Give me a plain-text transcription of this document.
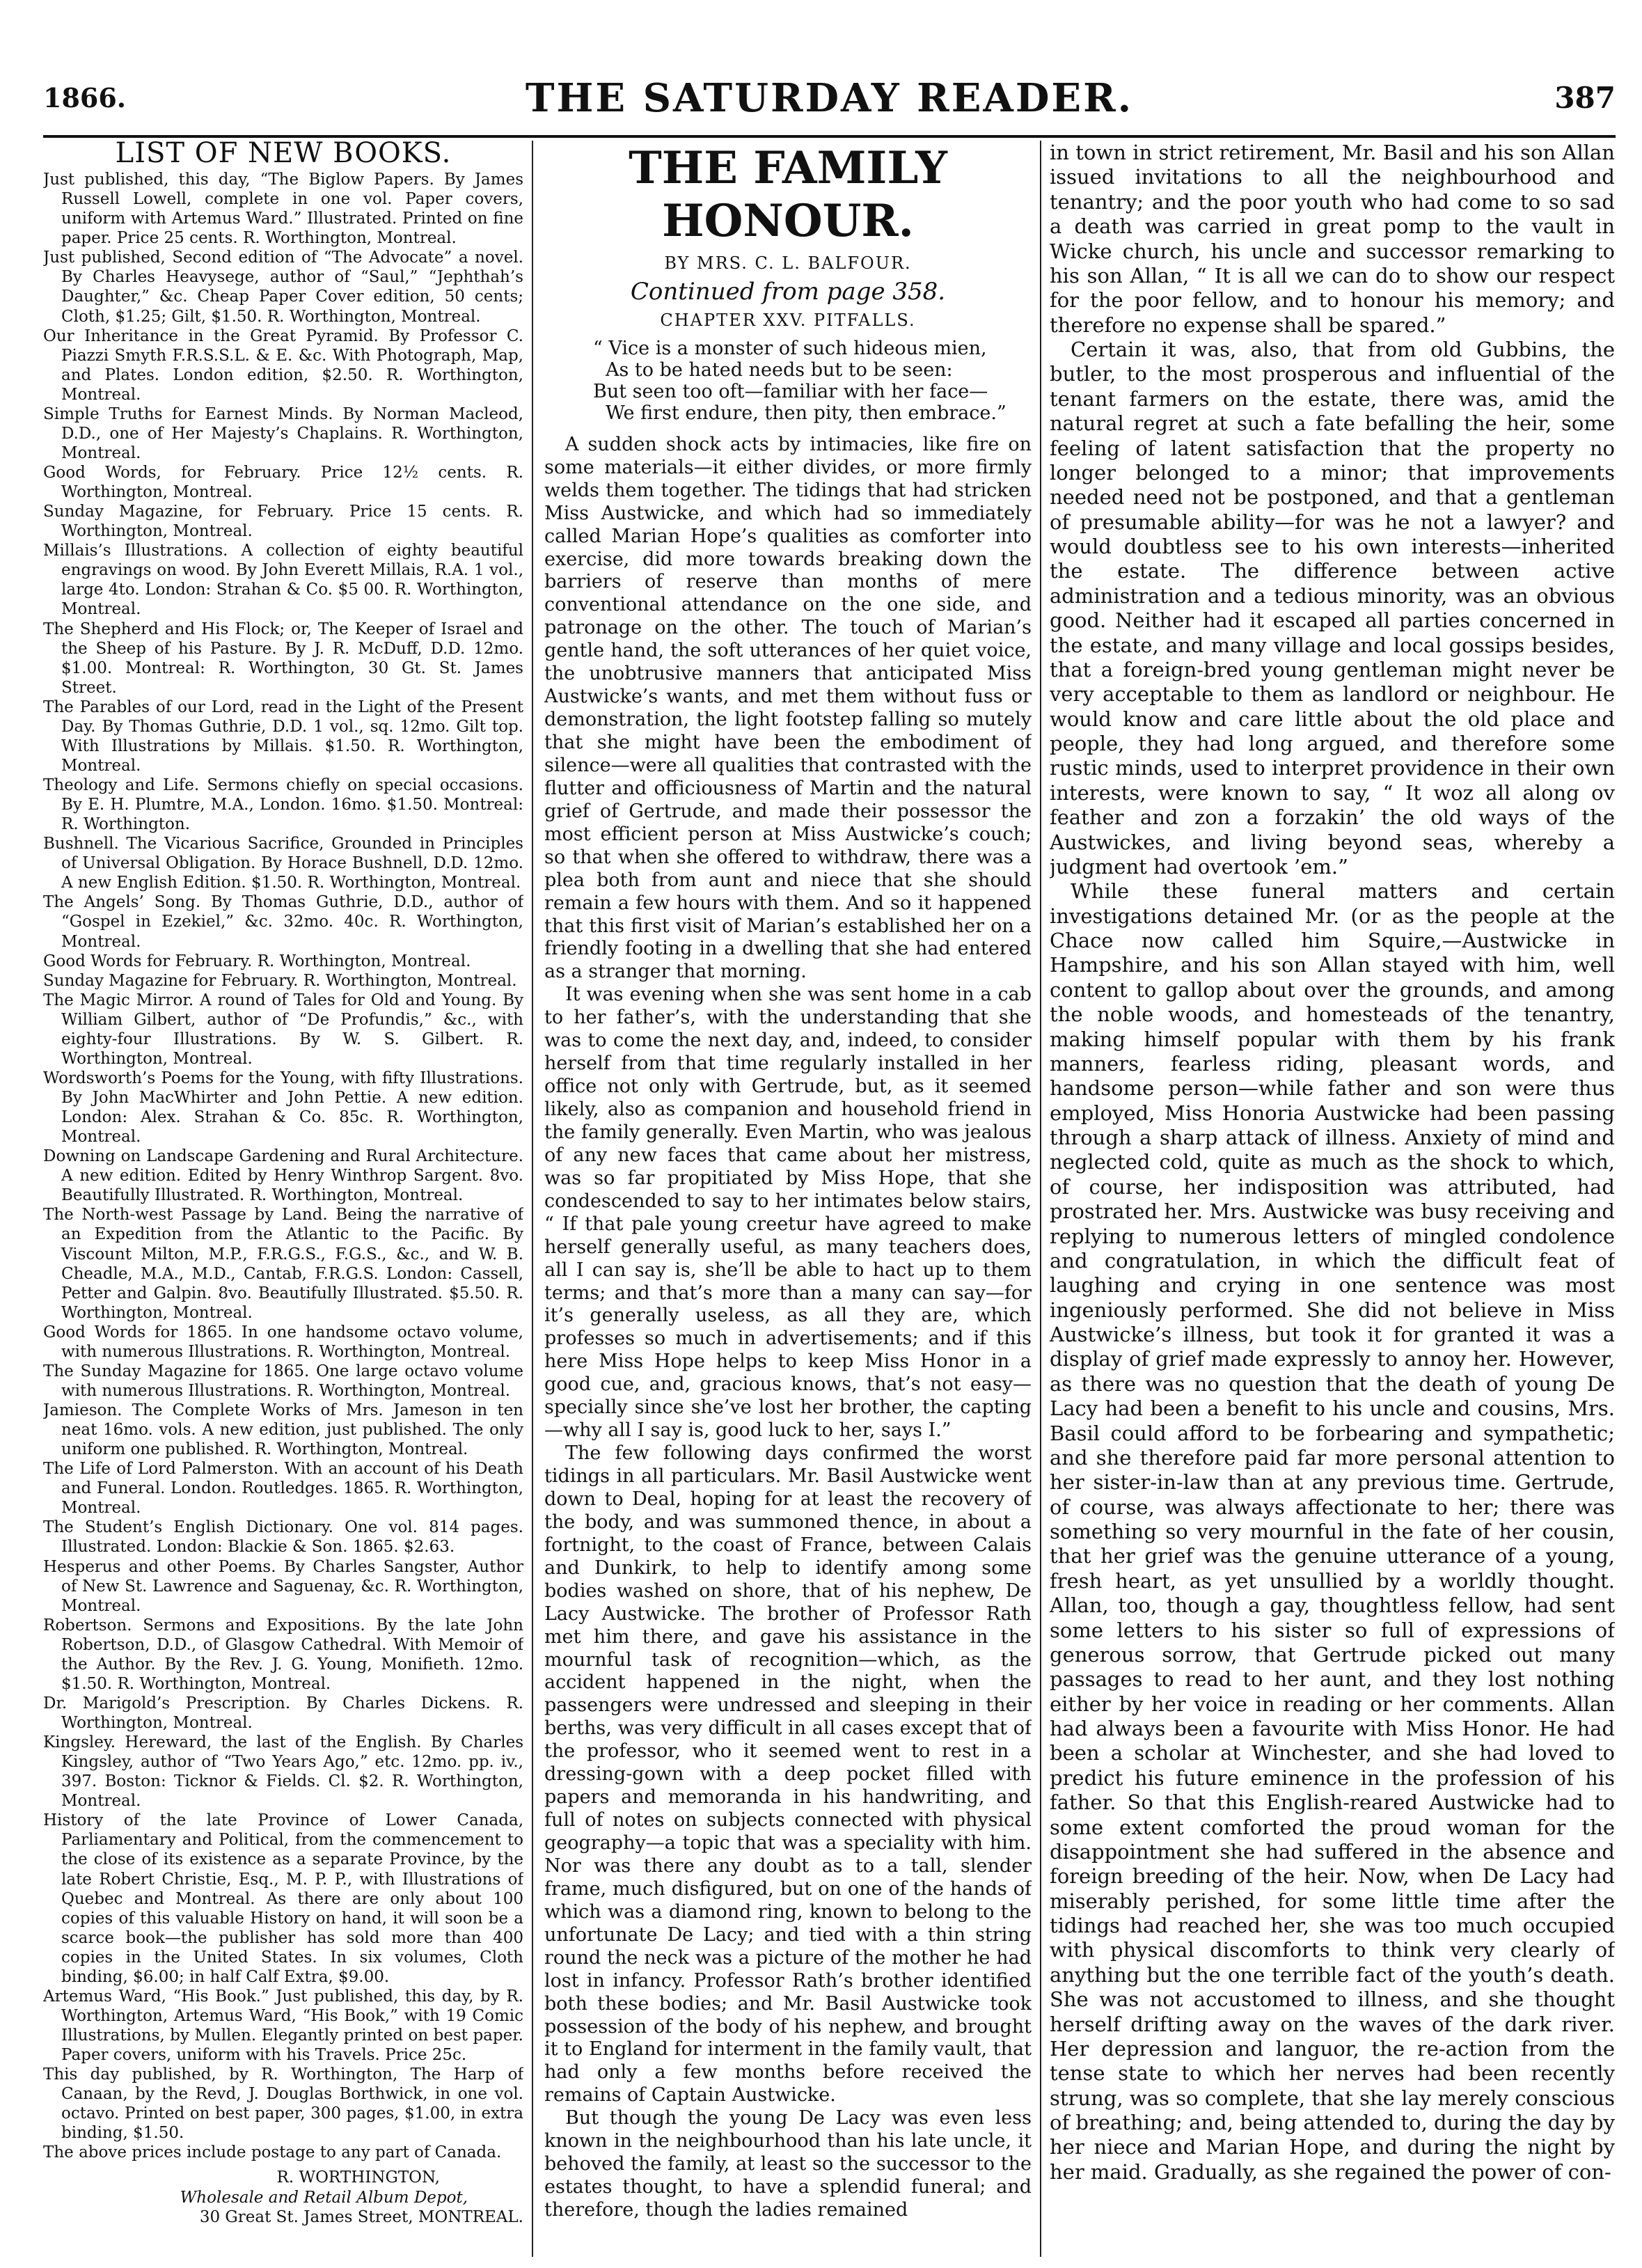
1866.	THE SATURDAY READER.	387
LIST OF NEW BOOKS.

Just published, this day, “The Biglow Papers. By James Russell Lowell, complete in one vol. Paper covers, uniform with Artemus Ward.” Illustrated. Printed on fine paper. Price 25 cents. R. Worthington, Montreal.

Just published, Second edition of “The Advocate” a novel. By Charles Heavysege, author of “Saul,” “Jephthah’s Daughter,” &c. Cheap Paper Cover edition, 50 cents; Cloth, $1.25; Gilt, $1.50. R. Worthington, Montreal.

Our Inheritance in the Great Pyramid. By Professor C. Piazzi Smyth F.R.S.S.L. & E. &c. With Photograph, Map, and Plates. London edition, $2.50. R. Worthington, Montreal.

Simple Truths for Earnest Minds. By Norman Macleod, D.D., one of Her Majesty’s Chaplains. R. Worthington, Montreal.

Good Words, for February. Price 12½ cents. R. Worthington, Montreal.

Sunday Magazine, for February. Price 15 cents. R. Worthington, Montreal.

Millais’s Illustrations. A collection of eighty beautiful engravings on wood. By John Everett Millais, R.A. 1 vol., large 4to. London: Strahan & Co. $5 00. R. Worthington, Montreal.

The Shepherd and His Flock; or, The Keeper of Israel and the Sheep of his Pasture. By J. R. McDuff, D.D. 12mo. $1.00. Montreal: R. Worthington, 30 Gt. St. James Street.

The Parables of our Lord, read in the Light of the Present Day. By Thomas Guthrie, D.D. 1 vol., sq. 12mo. Gilt top. With Illustrations by Millais. $1.50. R. Worthington, Montreal.

Theology and Life. Sermons chiefly on special occasions. By E. H. Plumtre, M.A., London. 16mo. $1.50. Montreal: R. Worthington.

Bushnell. The Vicarious Sacrifice, Grounded in Principles of Universal Obligation. By Horace Bushnell, D.D. 12mo. A new English Edition. $1.50. R. Worthington, Montreal.

The Angels’ Song. By Thomas Guthrie, D.D., author of “Gospel in Ezekiel,” &c. 32mo. 40c. R. Worthington, Montreal.

Good Words for February. R. Worthington, Montreal.

Sunday Magazine for February. R. Worthington, Montreal.

The Magic Mirror. A round of Tales for Old and Young. By William Gilbert, author of “De Profundis,” &c., with eighty-four Illustrations. By W. S. Gilbert. R. Worthington, Montreal.

Wordsworth’s Poems for the Young, with fifty Illustrations. By John MacWhirter and John Pettie. A new edition. London: Alex. Strahan & Co. 85c. R. Worthington, Montreal.

Downing on Landscape Gardening and Rural Architecture. A new edition. Edited by Henry Winthrop Sargent. 8vo. Beautifully Illustrated. R. Worthington, Montreal.

The North-west Passage by Land. Being the narrative of an Expedition from the Atlantic to the Pacific. By Viscount Milton, M.P., F.R.G.S., F.G.S., &c., and W. B. Cheadle, M.A., M.D., Cantab, F.R.G.S. London: Cassell, Petter and Galpin. 8vo. Beautifully Illustrated. $5.50. R. Worthington, Montreal.

Good Words for 1865. In one handsome octavo volume, with numerous Illustrations. R. Worthington, Montreal.

The Sunday Magazine for 1865. One large octavo volume with numerous Illustrations. R. Worthington, Montreal.

Jamieson. The Complete Works of Mrs. Jameson in ten neat 16mo. vols. A new edition, just published. The only uniform one published. R. Worthington, Montreal.

The Life of Lord Palmerston. With an account of his Death and Funeral. London. Routledges. 1865. R. Worthington, Montreal.

The Student’s English Dictionary. One vol. 814 pages. Illustrated. London: Blackie & Son. 1865. $2.63.

Hesperus and other Poems. By Charles Sangster, Author of New St. Lawrence and Saguenay, &c. R. Worthington, Montreal.

Robertson. Sermons and Expositions. By the late John Robertson, D.D., of Glasgow Cathedral. With Memoir of the Author. By the Rev. J. G. Young, Monifieth. 12mo. $1.50. R. Worthington, Montreal.

Dr. Marigold’s Prescription. By Charles Dickens. R. Worthington, Montreal.

Kingsley. Hereward, the last of the English. By Charles Kingsley, author of “Two Years Ago,” etc. 12mo. pp. iv., 397. Boston: Ticknor & Fields. Cl. $2. R. Worthington, Montreal.

History of the late Province of Lower Canada, Parliamentary and Political, from the commencement to the close of its existence as a separate Province, by the late Robert Christie, Esq., M. P. P., with Illustrations of Quebec and Montreal. As there are only about 100 copies of this valuable History on hand, it will soon be a scarce book—the publisher has sold more than 400 copies in the United States. In six volumes, Cloth binding, $6.00; in half Calf Extra, $9.00.

Artemus Ward, “His Book.” Just published, this day, by R. Worthington, Artemus Ward, “His Book,” with 19 Comic Illustrations, by Mullen. Elegantly printed on best paper. Paper covers, uniform with his Travels. Price 25c.

This day published, by R. Worthington, The Harp of Canaan, by the Revd, J. Douglas Borthwick, in one vol. octavo. Printed on best paper, 300 pages, $1.00, in extra binding, $1.50.

The above prices include postage to any part of Canada.

R. WORTHINGTON,
Wholesale and Retail Album Depot,
30 Great St. James Street, MONTREAL.
THE FAMILY HONOUR.
BY MRS. C. L. BALFOUR.
Continued from page 358.
CHAPTER XXV. PITFALLS.
“ Vice is a monster of such hideous mien,
As to be hated needs but to be seen:
But seen too oft—familiar with her face—
We first endure, then pity, then embrace.”

A sudden shock acts by intimacies, like fire on some materials—it either divides, or more firmly welds them together. The tidings that had stricken Miss Austwicke, and which had so immediately called Marian Hope’s qualities as comforter into exercise, did more towards breaking down the barriers of reserve than months of mere conventional attendance on the one side, and patronage on the other. The touch of Marian’s gentle hand, the soft utterances of her quiet voice, the unobtrusive manners that anticipated Miss Austwicke’s wants, and met them without fuss or demonstration, the light footstep falling so mutely that she might have been the embodiment of silence—were all qualities that contrasted with the flutter and officiousness of Martin and the natural grief of Gertrude, and made their possessor the most efficient person at Miss Austwicke’s couch; so that when she offered to withdraw, there was a plea both from aunt and niece that she should remain a few hours with them. And so it happened that this first visit of Marian’s established her on a friendly footing in a dwelling that she had entered as a stranger that morning.

It was evening when she was sent home in a cab to her father’s, with the understanding that she was to come the next day, and, indeed, to consider herself from that time regularly installed in her office not only with Gertrude, but, as it seemed likely, also as companion and household friend in the family generally. Even Martin, who was jealous of any new faces that came about her mistress, was so far propitiated by Miss Hope, that she condescended to say to her intimates below stairs, “ If that pale young creetur have agreed to make herself generally useful, as many teachers does, all I can say is, she’ll be able to hact up to them terms; and that’s more than a many can say—for it’s generally useless, as all they are, which professes so much in advertisements; and if this here Miss Hope helps to keep Miss Honor in a good cue, and, gracious knows, that’s not easy—specially since she’ve lost her brother, the capting—why all I say is, good luck to her, says I.”

The few following days confirmed the worst tidings in all particulars. Mr. Basil Austwicke went down to Deal, hoping for at least the recovery of the body, and was summoned thence, in about a fortnight, to the coast of France, between Calais and Dunkirk, to help to identify among some bodies washed on shore, that of his nephew, De Lacy Austwicke. The brother of Professor Rath met him there, and gave his assistance in the mournful task of recognition—which, as the accident happened in the night, when the passengers were undressed and sleeping in their berths, was very difficult in all cases except that of the professor, who it seemed went to rest in a dressing-gown with a deep pocket filled with papers and memoranda in his handwriting, and full of notes on subjects connected with physical geography—a topic that was a speciality with him. Nor was there any doubt as to a tall, slender frame, much disfigured, but on one of the hands of which was a diamond ring, known to belong to the unfortunate De Lacy; and tied with a thin string round the neck was a picture of the mother he had lost in infancy. Professor Rath’s brother identified both these bodies; and Mr. Basil Austwicke took possession of the body of his nephew, and brought it to England for interment in the family vault, that had only a few months before received the remains of Captain Austwicke.

But though the young De Lacy was even less known in the neighbourhood than his late uncle, it behoved the family, at least so the successor to the estates thought, to have a splendid funeral; and therefore, though the ladies remained

in town in strict retirement, Mr. Basil and his son Allan issued invitations to all the neighbourhood and tenantry; and the poor youth who had come to so sad a death was carried in great pomp to the vault in Wicke church, his uncle and successor remarking to his son Allan, “ It is all we can do to show our respect for the poor fellow, and to honour his memory; and therefore no expense shall be spared.”

Certain it was, also, that from old Gubbins, the butler, to the most prosperous and influential of the tenant farmers on the estate, there was, amid the natural regret at such a fate befalling the heir, some feeling of latent satisfaction that the property no longer belonged to a minor; that improvements needed need not be postponed, and that a gentleman of presumable ability—for was he not a lawyer? and would doubtless see to his own interests—inherited the estate. The difference between active administration and a tedious minority, was an obvious good. Neither had it escaped all parties concerned in the estate, and many village and local gossips besides, that a foreign-bred young gentleman might never be very acceptable to them as landlord or neighbour. He would know and care little about the old place and people, they had long argued, and therefore some rustic minds, used to interpret providence in their own interests, were known to say, “ It woz all along ov feather and zon a forzakin’ the old ways of the Austwickes, and living beyond seas, whereby a judgment had overtook ’em.”

While these funeral matters and certain investigations detained Mr. (or as the people at the Chace now called him Squire,—Austwicke in Hampshire, and his son Allan stayed with him, well content to gallop about over the grounds, and among the noble woods, and homesteads of the tenantry, making himself popular with them by his frank manners, fearless riding, pleasant words, and handsome person—while father and son were thus employed, Miss Honoria Austwicke had been passing through a sharp attack of illness. Anxiety of mind and neglected cold, quite as much as the shock to which, of course, her indisposition was attributed, had prostrated her. Mrs. Austwicke was busy receiving and replying to numerous letters of mingled condolence and congratulation, in which the difficult feat of laughing and crying in one sentence was most ingeniously performed. She did not believe in Miss Austwicke’s illness, but took it for granted it was a display of grief made expressly to annoy her. However, as there was no question that the death of young De Lacy had been a benefit to his uncle and cousins, Mrs. Basil could afford to be forbearing and sympathetic; and she therefore paid far more personal attention to her sister-in-law than at any previous time. Gertrude, of course, was always affectionate to her; there was something so very mournful in the fate of her cousin, that her grief was the genuine utterance of a young, fresh heart, as yet unsullied by a worldly thought. Allan, too, though a gay, thoughtless fellow, had sent some letters to his sister so full of expressions of generous sorrow, that Gertrude picked out many passages to read to her aunt, and they lost nothing either by her voice in reading or her comments. Allan had always been a favourite with Miss Honor. He had been a scholar at Winchester, and she had loved to predict his future eminence in the profession of his father. So that this English-reared Austwicke had to some extent comforted the proud woman for the disappointment she had suffered in the absence and foreign breeding of the heir. Now, when De Lacy had miserably perished, for some little time after the tidings had reached her, she was too much occupied with physical discomforts to think very clearly of anything but the one terrible fact of the youth’s death. She was not accustomed to illness, and she thought herself drifting away on the waves of the dark river. Her depression and languor, the re-action from the tense state to which her nerves had been recently strung, was so complete, that she lay merely conscious of breathing; and, being attended to, during the day by her niece and Marian Hope, and during the night by her maid. Gradually, as she regained the power of con-
